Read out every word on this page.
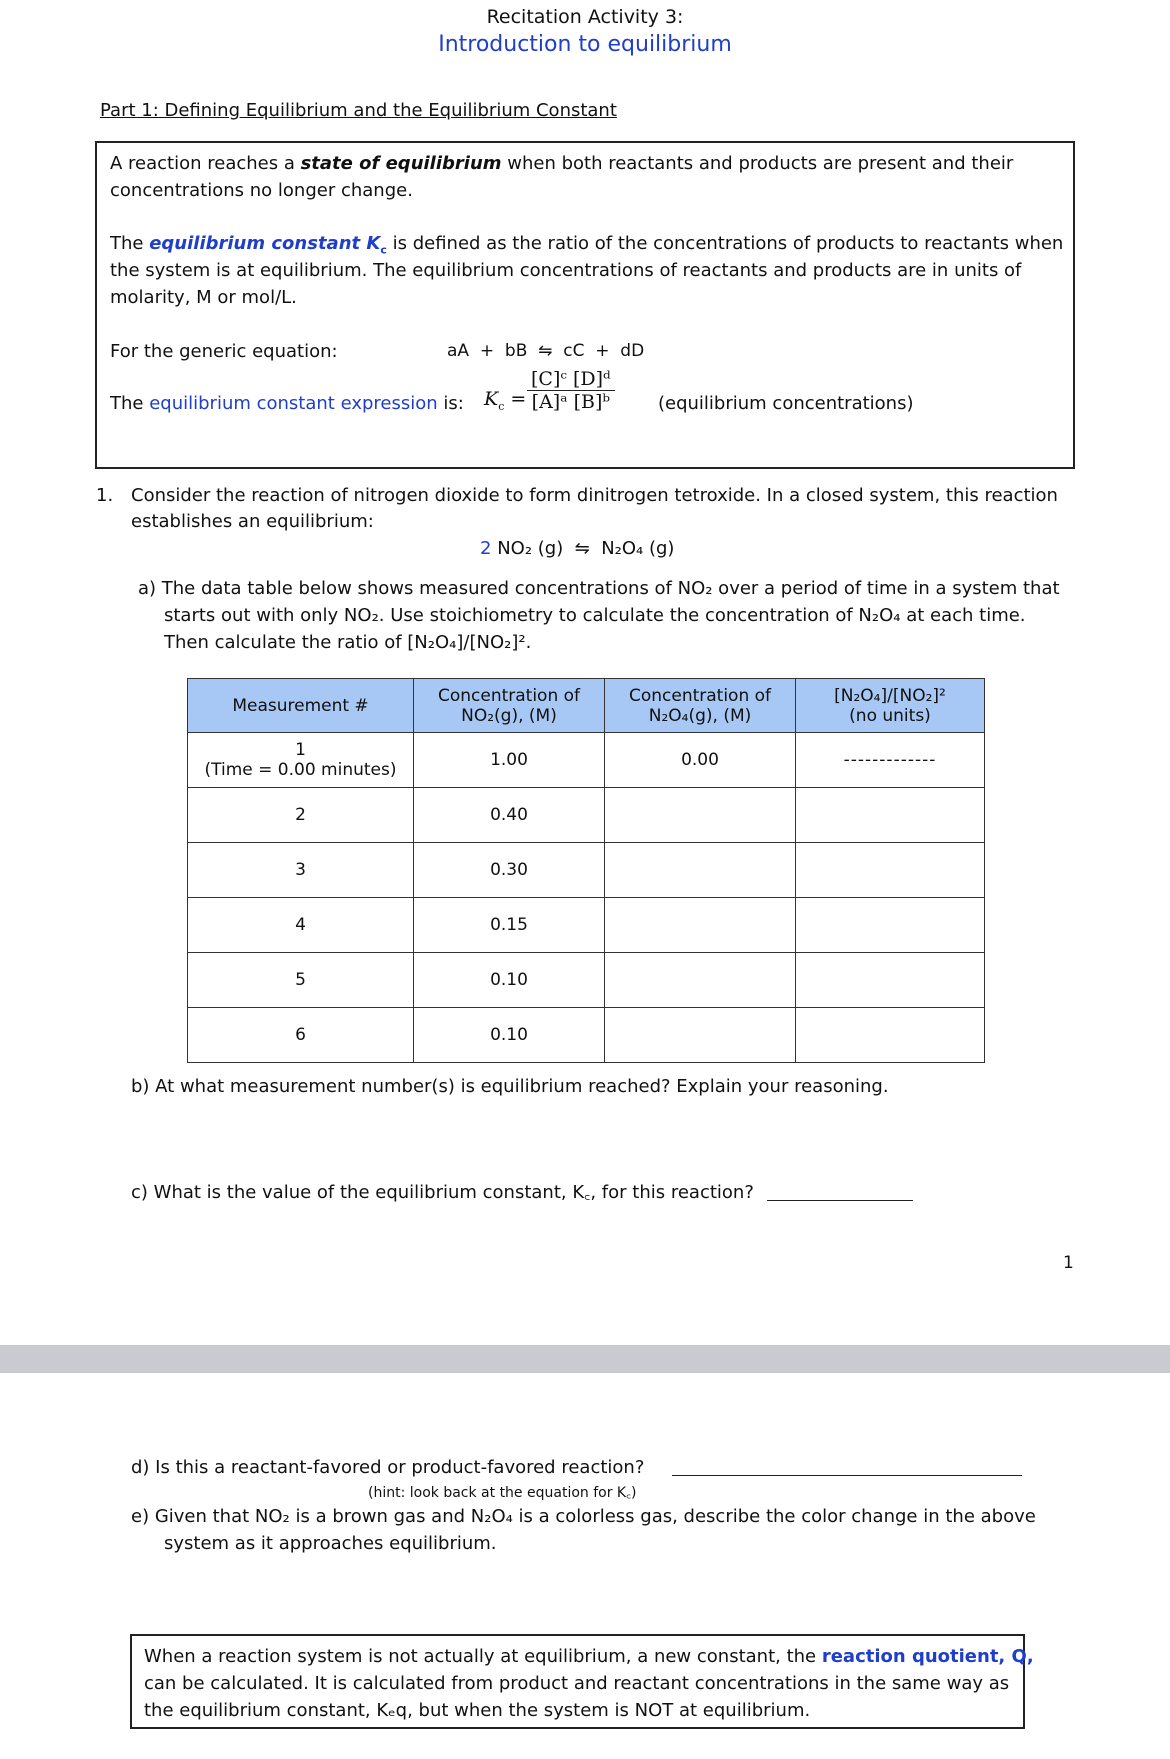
Recitation Activity 3:
Introduction to equilibrium
Part 1: Defining Equilibrium and the Equilibrium Constant
A reaction reaches a state of equilibrium when both reactants and products are present and their
concentrations no longer change.
The equilibrium constant $K_c$ is defined as the ratio of the concentrations of products to reactants when
the system is at equilibrium. The equilibrium concentrations of reactants and products are in units of
molarity, M or mol/L.
For the generic equation:	aA  +  bB  ⇋  cC  +  dD
The equilibrium constant expression is: $K_c = \frac{\text{[C]ᶜ [D]ᵈ}}{\text{[A]ᵃ [B]ᵇ}}$ (equilibrium concentrations)
1. Consider the reaction of nitrogen dioxide to form dinitrogen tetroxide. In a closed system, this reaction
establishes an equilibrium:
2 NO₂ (g)  ⇋  N₂O₄ (g)
a) The data table below shows measured concentrations of NO₂ over a period of time in a system that
starts out with only NO₂. Use stoichiometry to calculate the concentration of N₂O₄ at each time.
Then calculate the ratio of [N₂O₄]/[NO₂]².
Measurement #	Concentration of
NO₂(g), (M)	Concentration of
N₂O₄(g), (M)	[N₂O₄]/[NO₂]²
(no units)
1
(Time = 0.00 minutes)	1.00	0.00	-------------
2	0.40		
3	0.30		
4	0.15		
5	0.10		
6	0.10		
b) At what measurement number(s) is equilibrium reached? Explain your reasoning.
c) What is the value of the equilibrium constant, K꜀, for this reaction?
1
d) Is this a reactant-favored or product-favored reaction?
(hint: look back at the equation for K꜀)
e) Given that NO₂ is a brown gas and N₂O₄ is a colorless gas, describe the color change in the above
system as it approaches equilibrium.
When a reaction system is not actually at equilibrium, a new constant, the reaction quotient, Q,
can be calculated. It is calculated from product and reactant concentrations in the same way as
the equilibrium constant, Kₑq, but when the system is NOT at equilibrium.
